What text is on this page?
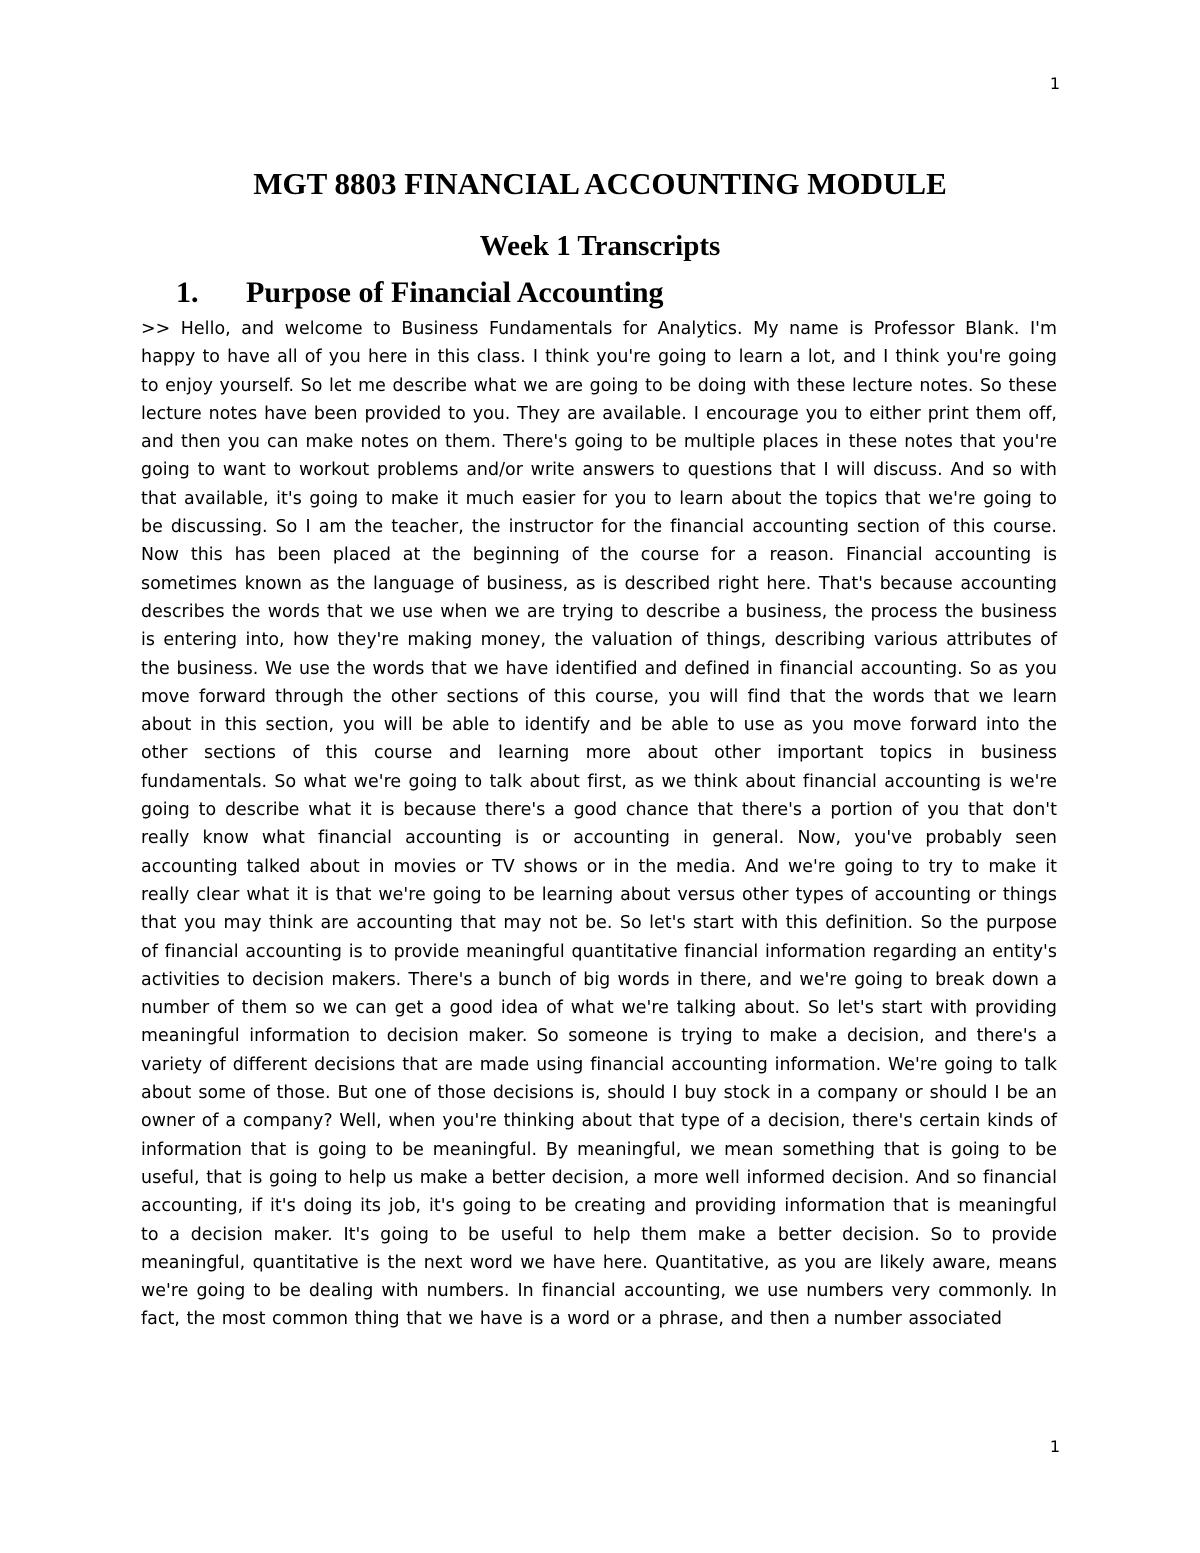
1
MGT 8803 FINANCIAL ACCOUNTING MODULE
Week 1 Transcripts
1. Purpose of Financial Accounting

>> Hello, and welcome to Business Fundamentals for Analytics. My name is Professor Blank. I'm happy to have all of you here in this class. I think you're going to learn a lot, and I think you're going to enjoy yourself. So let me describe what we are going to be doing with these lecture notes. So these lecture notes have been provided to you. They are available. I encourage you to either print them off, and then you can make notes on them. There's going to be multiple places in these notes that you're going to want to workout problems and/or write answers to questions that I will discuss. And so with that available, it's going to make it much easier for you to learn about the topics that we're going to be discussing. So I am the teacher, the instructor for the financial accounting section of this course. Now this has been placed at the beginning of the course for a reason. Financial accounting is sometimes known as the language of business, as is described right here. That's because accounting describes the words that we use when we are trying to describe a business, the process the business is entering into, how they're making money, the valuation of things, describing various attributes of the business. We use the words that we have identified and defined in financial accounting. So as you move forward through the other sections of this course, you will find that the words that we learn about in this section, you will be able to identify and be able to use as you move forward into the other sections of this course and learning more about other important topics in business fundamentals. So what we're going to talk about first, as we think about financial accounting is we're going to describe what it is because there's a good chance that there's a portion of you that don't really know what financial accounting is or accounting in general. Now, you've probably seen accounting talked about in movies or TV shows or in the media. And we're going to try to make it really clear what it is that we're going to be learning about versus other types of accounting or things that you may think are accounting that may not be. So let's start with this definition. So the purpose of financial accounting is to provide meaningful quantitative financial information regarding an entity's activities to decision makers. There's a bunch of big words in there, and we're going to break down a number of them so we can get a good idea of what we're talking about. So let's start with providing meaningful information to decision maker. So someone is trying to make a decision, and there's a variety of different decisions that are made using financial accounting information. We're going to talk about some of those. But one of those decisions is, should I buy stock in a company or should I be an owner of a company? Well, when you're thinking about that type of a decision, there's certain kinds of information that is going to be meaningful. By meaningful, we mean something that is going to be useful, that is going to help us make a better decision, a more well informed decision. And so financial accounting, if it's doing its job, it's going to be creating and providing information that is meaningful to a decision maker. It's going to be useful to help them make a better decision. So to provide meaningful, quantitative is the next word we have here. Quantitative, as you are likely aware, means we're going to be dealing with numbers. In financial accounting, we use numbers very commonly. In fact, the most common thing that we have is a word or a phrase, and then a number associated

1
